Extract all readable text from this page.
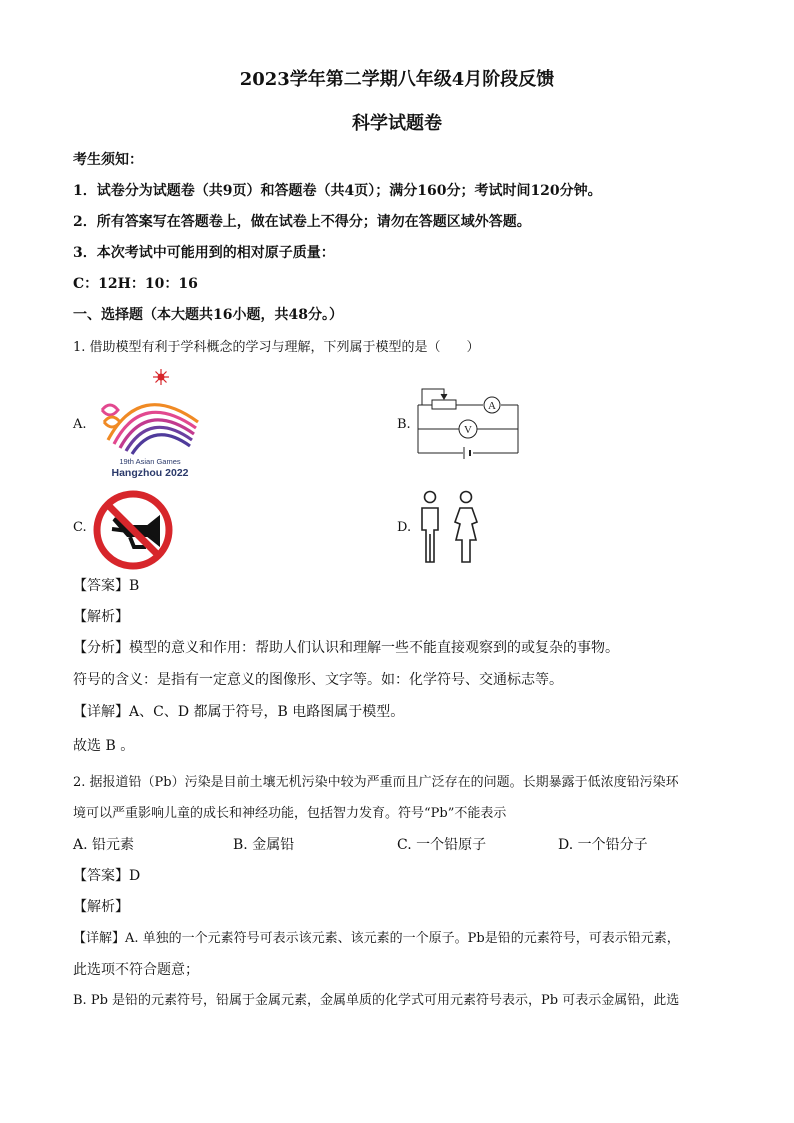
2023学年第二学期八年级4月阶段反馈
科学试题卷
考生须知：
1．试卷分为试题卷（共9页）和答题卷（共4页）；满分160分；考试时间120分钟。
2．所有答案写在答题卷上，做在试卷上不得分；请勿在答题区域外答题。
3．本次考试中可能用到的相对原子质量：
C：12H：10：16
一、选择题（本大题共16小题，共48分。）
1. 借助模型有利于学科概念的学习与理解，下列属于模型的是（　　）
A.
19th Asian Games
Hangzhou 2022
B.
A
V
C.	D.
【答案】B
【解析】
【分析】模型的意义和作用：帮助人们认识和理解一些不能直接观察到的或复杂的事物。
符号的含义：是指有一定意义的图像形、文字等。如：化学符号、交通标志等。
【详解】A、C、D 都属于符号，B 电路图属于模型。
故选 B 。
2. 据报道铅（Pb）污染是目前土壤无机污染中较为严重而且广泛存在的问题。长期暴露于低浓度铅污染环
境可以严重影响儿童的成长和神经功能，包括智力发育。符号“Pb”不能表示
A. 铅元素	B. 金属铅	C. 一个铅原子	D. 一个铅分子
【答案】D
【解析】
【详解】A. 单独的一个元素符号可表示该元素、该元素的一个原子。Pb是铅的元素符号，可表示铅元素，
此选项不符合题意；
B. Pb 是铅的元素符号，铅属于金属元素，金属单质的化学式可用元素符号表示，Pb 可表示金属铅，此选
